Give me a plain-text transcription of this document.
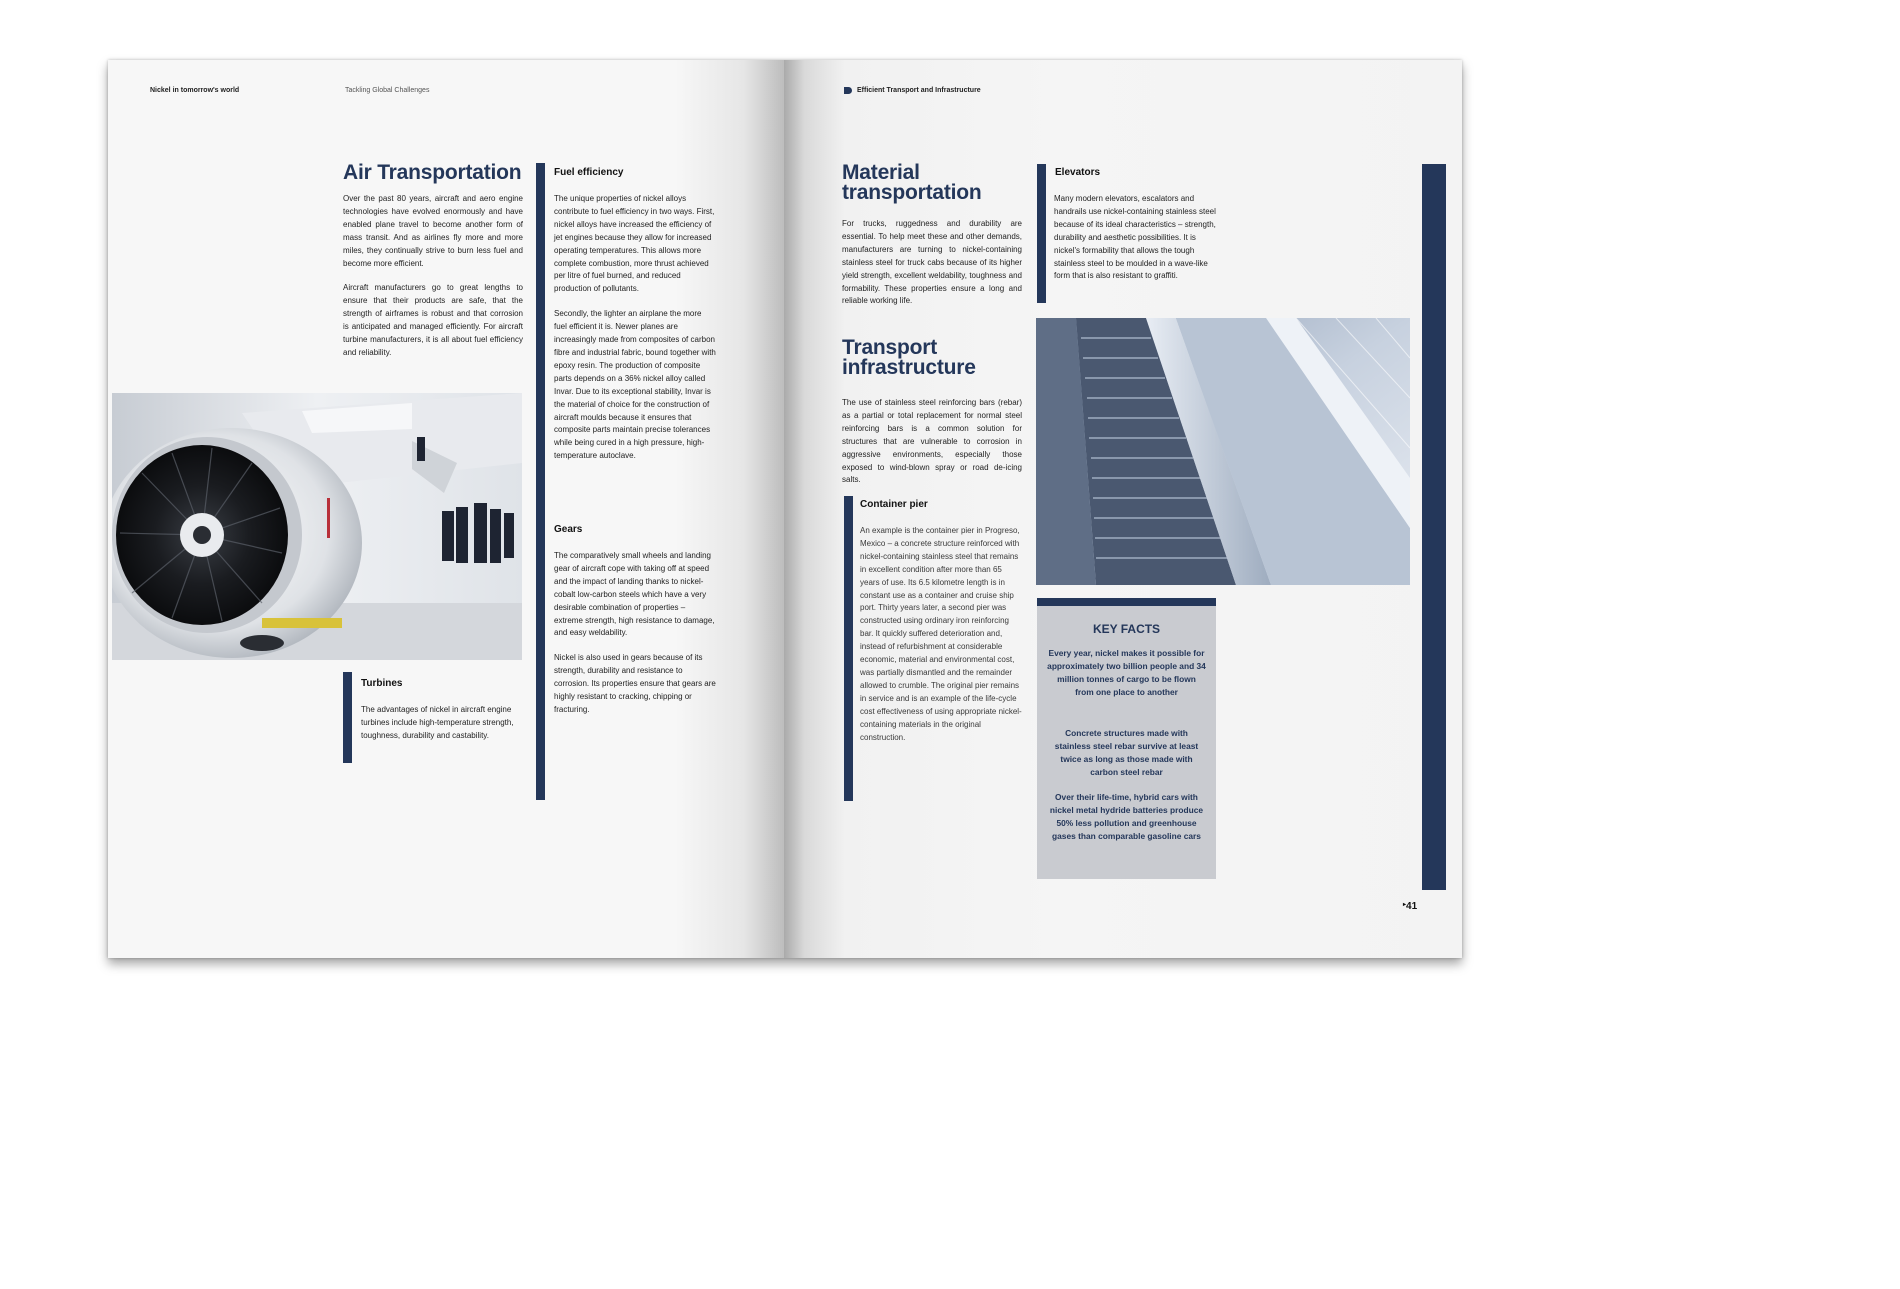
Nickel in tomorrow's world	Tackling Global Challenges
Air Transportation

Over the past 80 years, aircraft and aero engine technologies have evolved enormously and have enabled plane travel to become another form of mass transit. And as airlines fly more and more miles, they continually strive to burn less fuel and become more efficient.

Aircraft manufacturers go to great lengths to ensure that their products are safe, that the strength of airframes is robust and that corrosion is anticipated and managed efficiently. For aircraft turbine manufacturers, it is all about fuel efficiency and reliability.

Turbines
The advantages of nickel in aircraft engine turbines include high-temperature strength, toughness, durability and castability.
Fuel efficiency

The unique properties of nickel alloys contribute to fuel efficiency in two ways. First, nickel alloys have increased the efficiency of jet engines because they allow for increased operating temperatures. This allows more complete combustion, more thrust achieved per litre of fuel burned, and reduced production of pollutants.

Secondly, the lighter an airplane the more fuel efficient it is. Newer planes are increasingly made from composites of carbon fibre and industrial fabric, bound together with epoxy resin. The production of composite parts depends on a 36% nickel alloy called Invar. Due to its exceptional stability, Invar is the material of choice for the construction of aircraft moulds because it ensures that composite parts maintain precise tolerances while being cured in a high pressure, high-temperature autoclave.

Gears

The comparatively small wheels and landing gear of aircraft cope with taking off at speed and the impact of landing thanks to nickel-cobalt low-carbon steels which have a very desirable combination of properties – extreme strength, high resistance to damage, and easy weldability.

Nickel is also used in gears because of its strength, durability and resistance to corrosion. Its properties ensure that gears are highly resistant to cracking, chipping or fracturing.

Efficient Transport and Infrastructure
Material transportation
For trucks, ruggedness and durability are essential. To help meet these and other demands, manufacturers are turning to nickel-containing stainless steel for truck cabs because of its higher yield strength, excellent weldability, toughness and formability. These properties ensure a long and reliable working life.
Transport infrastructure
The use of stainless steel reinforcing bars (rebar) as a partial or total replacement for normal steel reinforcing bars is a common solution for structures that are vulnerable to corrosion in aggressive environments, especially those exposed to wind-blown spray or road de-icing salts.
Container pier
An example is the container pier in Progreso, Mexico – a concrete structure reinforced with nickel-containing stainless steel that remains in excellent condition after more than 65 years of use. Its 6.5 kilometre length is in constant use as a container and cruise ship port. Thirty years later, a second pier was constructed using ordinary iron reinforcing bar. It quickly suffered deterioration and, instead of refurbishment at considerable economic, material and environmental cost, was partially dismantled and the remainder allowed to crumble. The original pier remains in service and is an example of the life-cycle cost effectiveness of using appropriate nickel-containing materials in the original construction.
Elevators
Many modern elevators, escalators and handrails use nickel-containing stainless steel because of its ideal characteristics – strength, durability and aesthetic possibilities. It is nickel's formability that allows the tough stainless steel to be moulded in a wave-like form that is also resistant to graffiti.
KEY FACTS
Every year, nickel makes it possible for approximately two billion people and 34 million tonnes of cargo to be flown from one place to another
Concrete structures made with stainless steel rebar survive at least twice as long as those made with carbon steel rebar
Over their life-time, hybrid cars with nickel metal hydride batteries produce 50% less pollution and greenhouse gases than comparable gasoline cars
▸41
